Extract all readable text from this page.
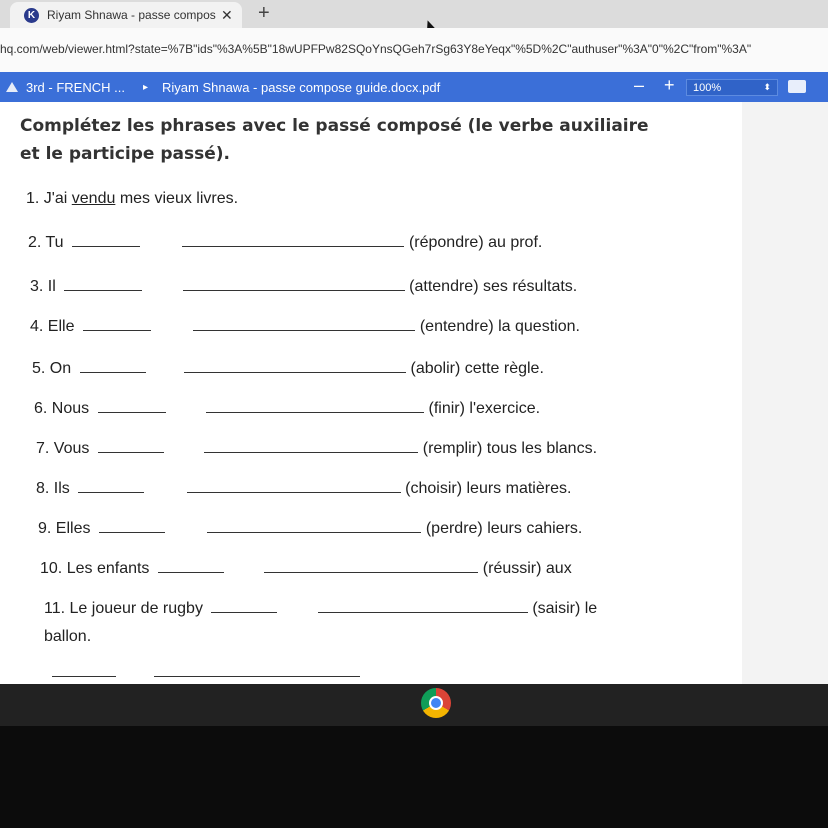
K Riyam Shnawa - passe compos ✕ +
hq.com/web/viewer.html?state=%7B"ids"%3A%5B"18wUPFPw82SQoYnsQGeh7rSg63Y8eYeqx"%5D%2C"authuser"%3A"0"%2C"from"%3A"
3rd - FRENCH ... ▸ Riyam Shnawa - passe compose guide.docx.pdf	– + 100%	⬍
Complétez les phrases avec le passé composé (le verbe auxiliaire et le participe passé).
1. J'ai vendu mes vieux livres.
2. Tu	(répondre) au prof.
3. Il	(attendre) ses résultats.
4. Elle	(entendre) la question.
5. On	(abolir) cette règle.
6. Nous	(finir) l'exercice.
7. Vous	(remplir) tous les blancs.
8. Ils	(choisir) leurs matières.
9. Elles	(perdre) leurs cahiers.
10. Les enfants	(réussir) aux
11. Le joueur de rugby	(saisir) le
ballon.
